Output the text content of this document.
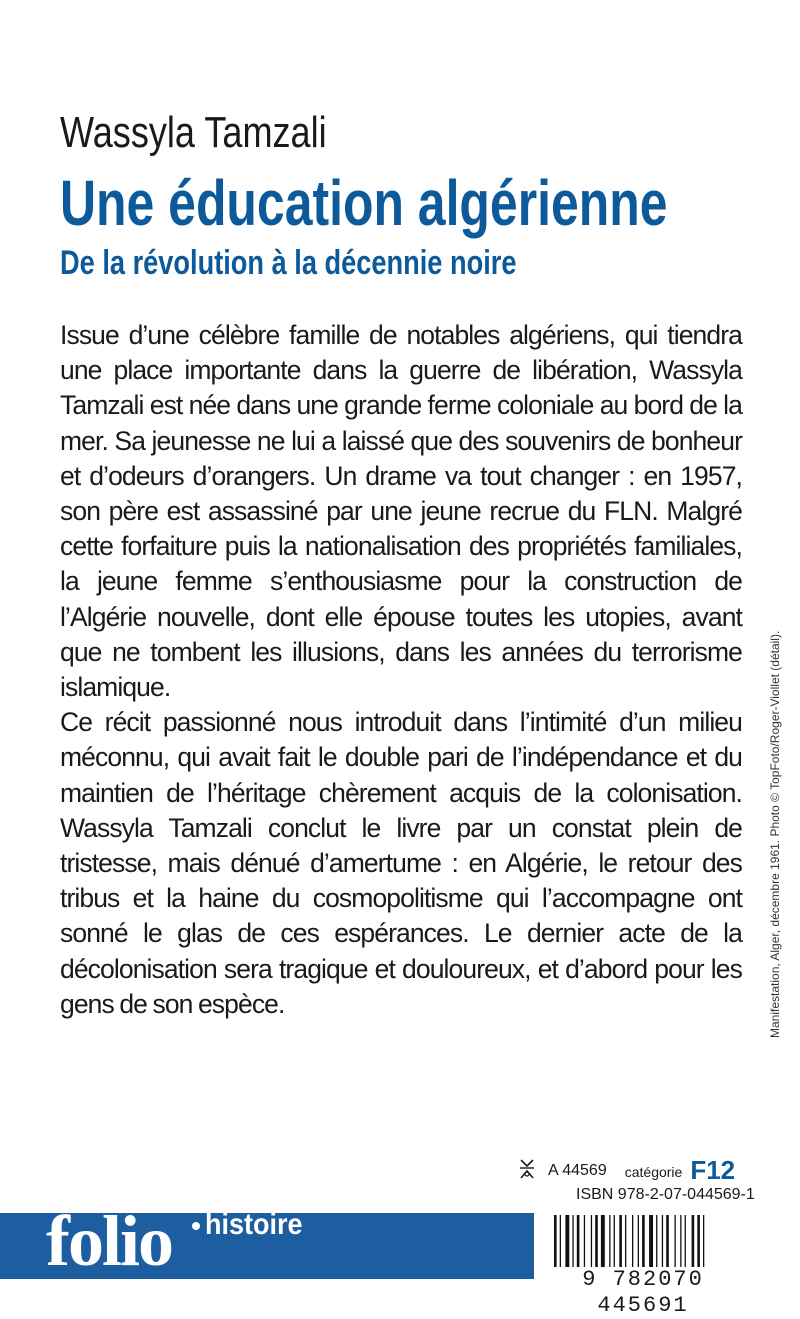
Wassyla Tamzali
Une éducation algérienne
De la révolution à la décennie noire

Issue d’une célèbre famille de notables algériens, qui tiendra une place importante dans la guerre de libération, Wassyla Tamzali est née dans une grande ferme coloniale au bord de la mer. Sa jeunesse ne lui a laissé que des souvenirs de bonheur et d’odeurs d’orangers. Un drame va tout changer : en 1957, son père est assassiné par une jeune recrue du FLN. Malgré cette forfaiture puis la nationalisation des propriétés familiales, la jeune femme s’enthousiasme pour la construction de l’Algérie nouvelle, dont elle épouse toutes les utopies, avant que ne tombent les illusions, dans les années du terrorisme islamique.

Ce récit passionné nous introduit dans l’intimité d’un milieu méconnu, qui avait fait le double pari de l’indépendance et du maintien de l’héritage chèrement acquis de la colonisation. Wassyla Tamzali conclut le livre par un constat plein de tristesse, mais dénué d’amertume : en Algérie, le retour des tribus et la haine du cosmopolitisme qui l’accompagne ont sonné le glas de ces espérances. Le dernier acte de la décolonisation sera tragique et douloureux, et d’abord pour les gens de son espèce.	Manifestation, Alger, décembre 1961. Photo © TopFoto/Roger-Viollet (détail).
A 44569 catégorie F12
ISBN 978-2-07-044569-1
folio histoire
9 782070 445691
